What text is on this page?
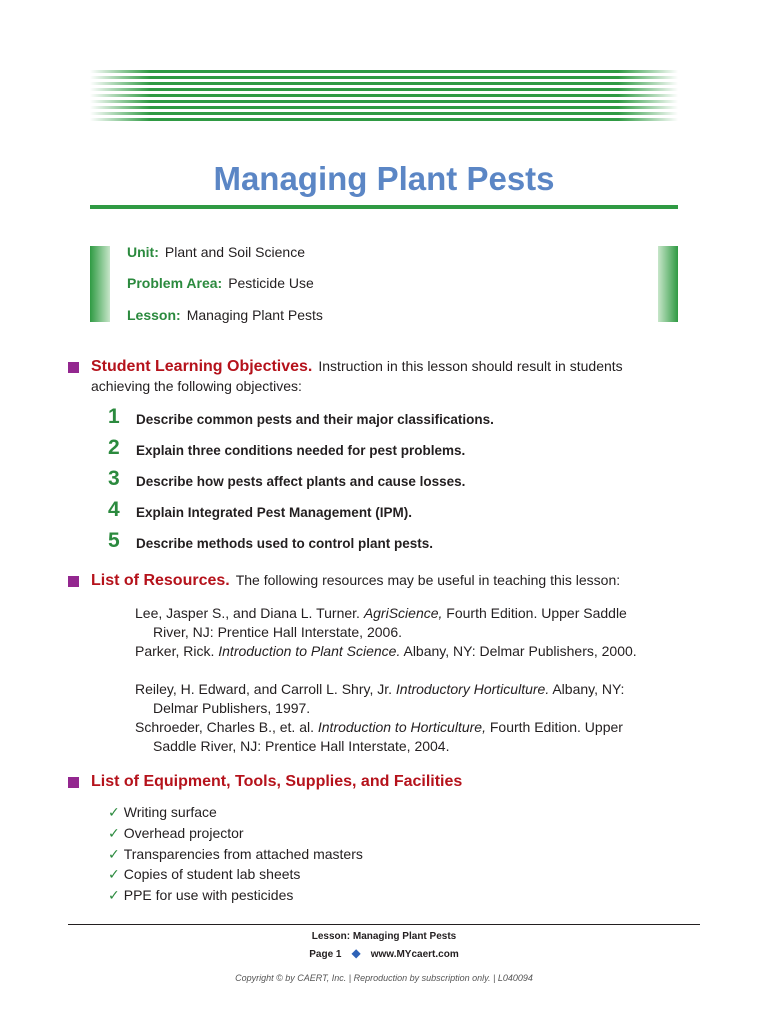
Managing Plant Pests
Unit: Plant and Soil Science
Problem Area: Pesticide Use
Lesson: Managing Plant Pests
Student Learning Objectives. Instruction in this lesson should result in students
achieving the following objectives:
1	Describe common pests and their major classifications.
2	Explain three conditions needed for pest problems.
3	Describe how pests affect plants and cause losses.
4	Explain Integrated Pest Management (IPM).
5	Describe methods used to control plant pests.
List of Resources. The following resources may be useful in teaching this lesson:
Lee, Jasper S., and Diana L. Turner. AgriScience, Fourth Edition. Upper Saddle River, NJ: Prentice Hall Interstate, 2006.
Parker, Rick. Introduction to Plant Science. Albany, NY: Delmar Publishers, 2000.
Reiley, H. Edward, and Carroll L. Shry, Jr. Introductory Horticulture. Albany, NY: Delmar Publishers, 1997.
Schroeder, Charles B., et. al. Introduction to Horticulture, Fourth Edition. Upper Saddle River, NJ: Prentice Hall Interstate, 2004.
List of Equipment, Tools, Supplies, and Facilities
✓ Writing surface
✓ Overhead projector
✓ Transparencies from attached masters
✓ Copies of student lab sheets
✓ PPE for use with pesticides
Lesson: Managing Plant Pests
Page 1 ◆ www.MYcaert.com
Copyright © by CAERT, Inc. | Reproduction by subscription only. | L040094
